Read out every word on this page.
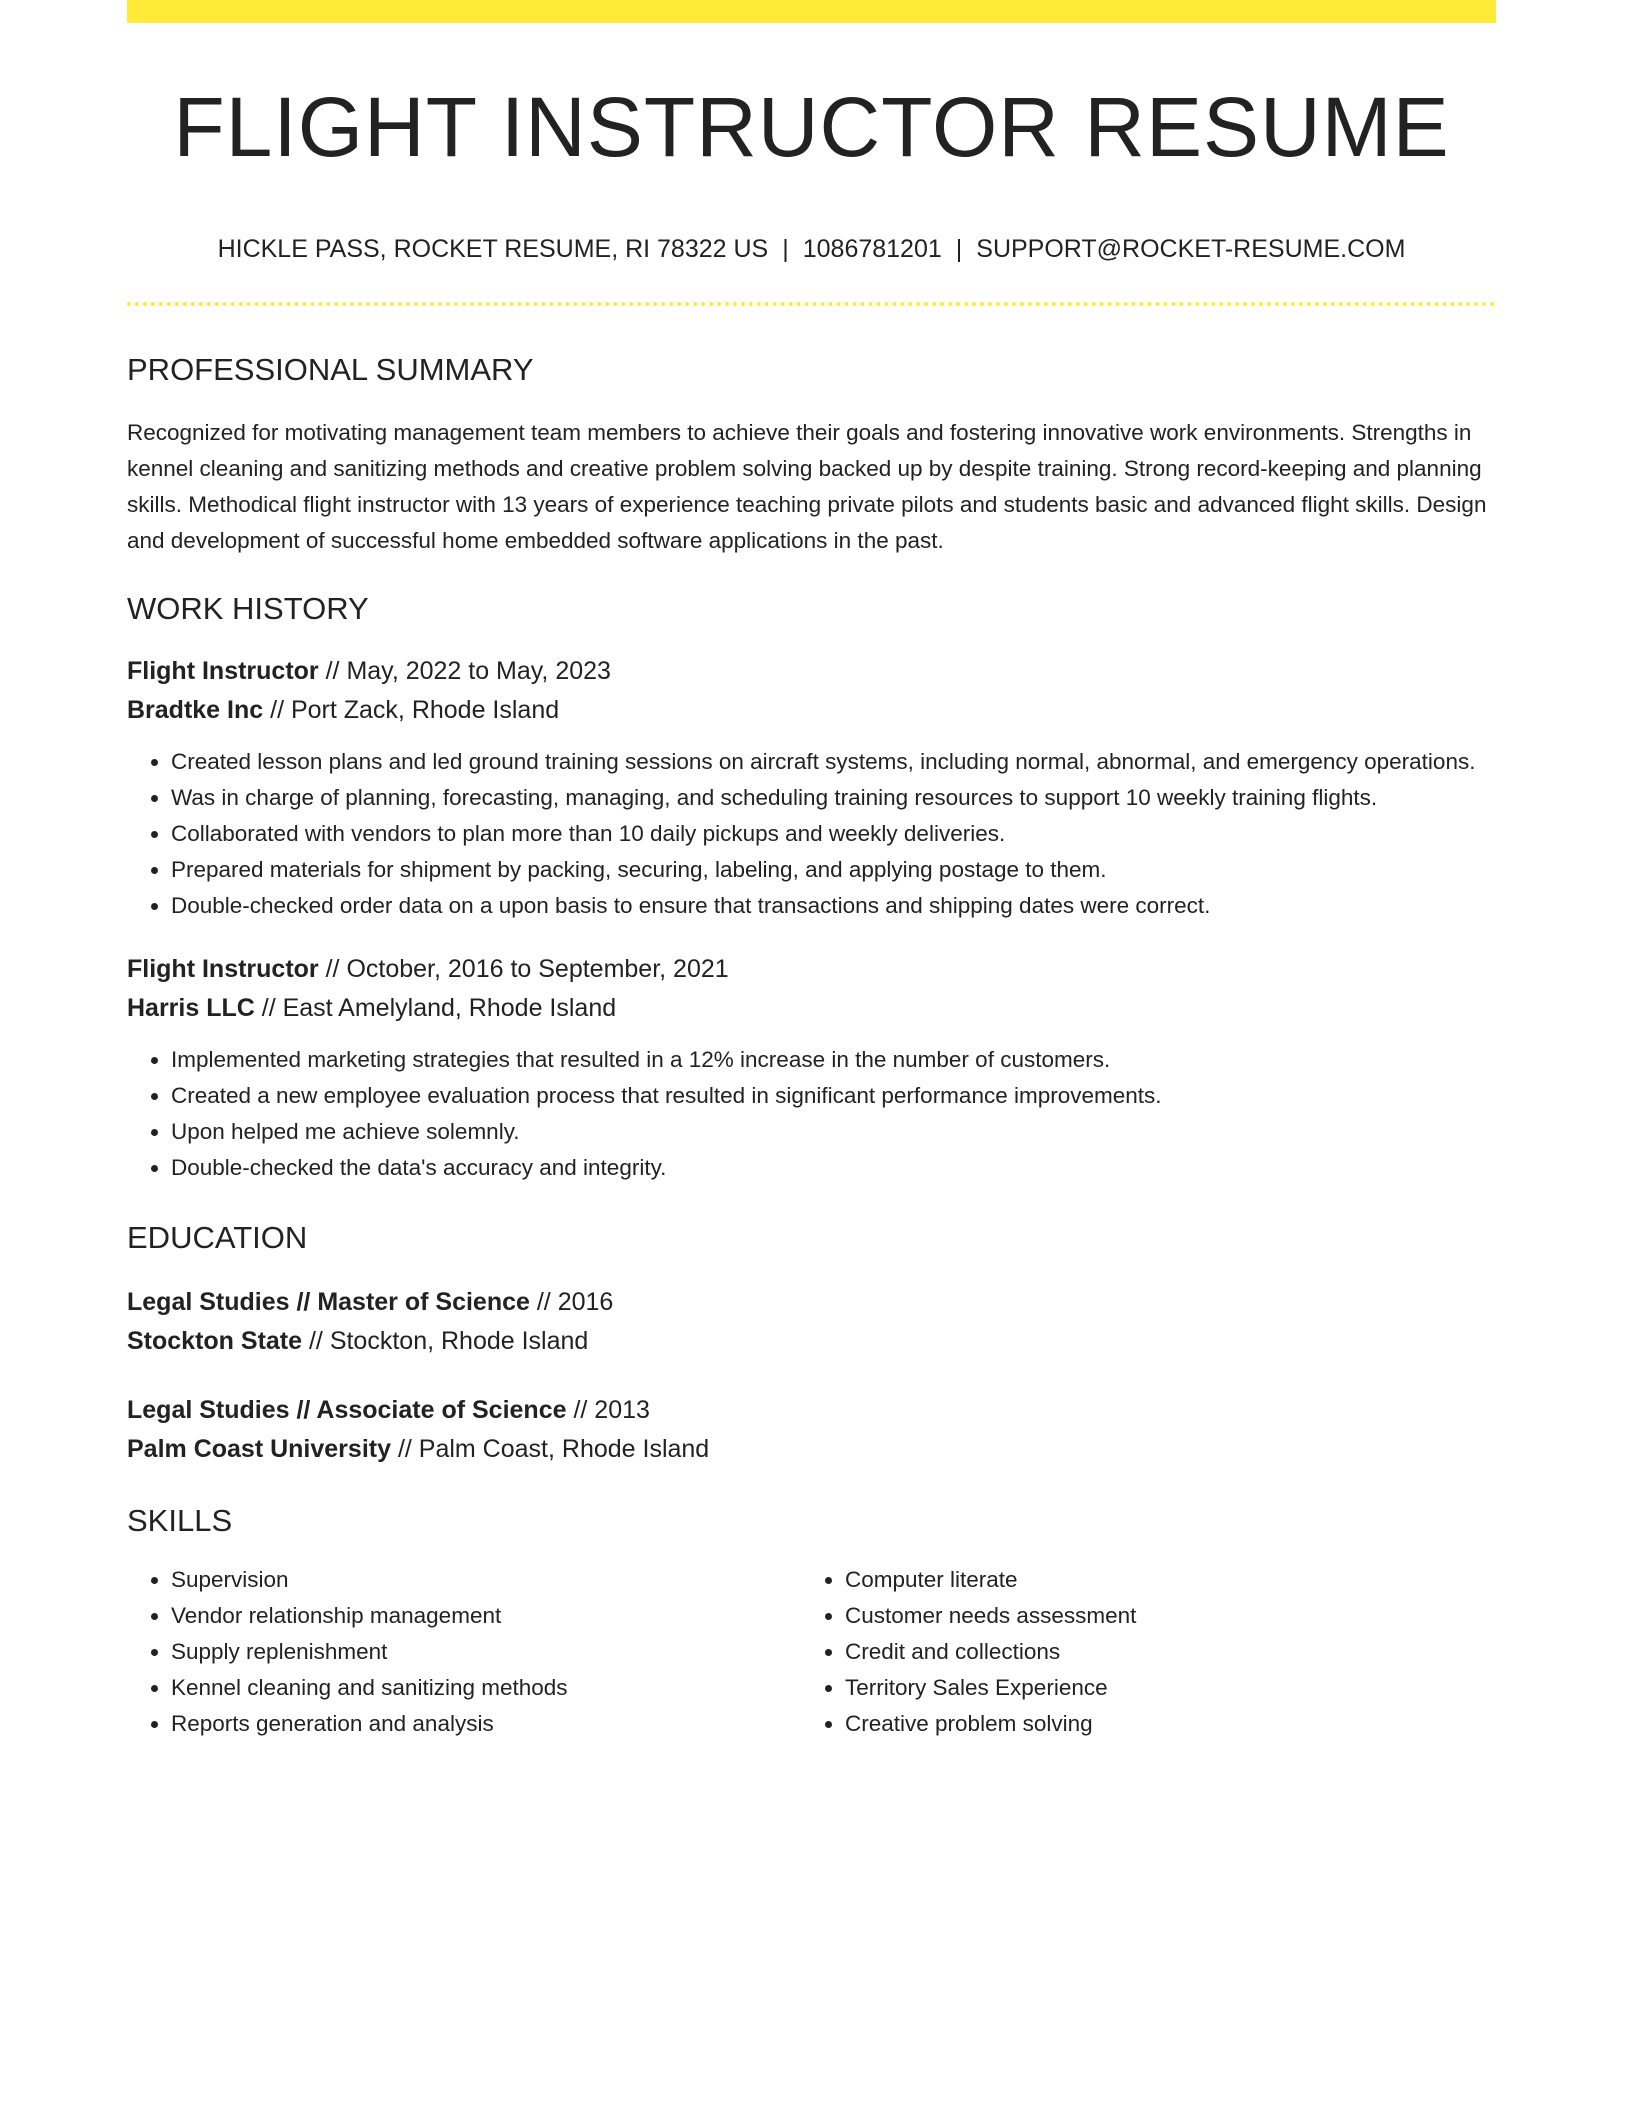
FLIGHT INSTRUCTOR RESUME
HICKLE PASS, ROCKET RESUME, RI 78322 US | 1086781201 | SUPPORT@ROCKET-RESUME.COM
PROFESSIONAL SUMMARY
Recognized for motivating management team members to achieve their goals and fostering innovative work environments. Strengths in kennel cleaning and sanitizing methods and creative problem solving backed up by despite training. Strong record-keeping and planning skills. Methodical flight instructor with 13 years of experience teaching private pilots and students basic and advanced flight skills. Design and development of successful home embedded software applications in the past.
WORK HISTORY
Flight Instructor // May, 2022 to May, 2023
Bradtke Inc // Port Zack, Rhode Island
• Created lesson plans and led ground training sessions on aircraft systems, including normal, abnormal, and emergency operations.
• Was in charge of planning, forecasting, managing, and scheduling training resources to support 10 weekly training flights.
• Collaborated with vendors to plan more than 10 daily pickups and weekly deliveries.
• Prepared materials for shipment by packing, securing, labeling, and applying postage to them.
• Double-checked order data on a upon basis to ensure that transactions and shipping dates were correct.
Flight Instructor // October, 2016 to September, 2021
Harris LLC // East Amelyland, Rhode Island
• Implemented marketing strategies that resulted in a 12% increase in the number of customers.
• Created a new employee evaluation process that resulted in significant performance improvements.
• Upon helped me achieve solemnly.
• Double-checked the data's accuracy and integrity.
EDUCATION
Legal Studies // Master of Science // 2016
Stockton State // Stockton, Rhode Island
Legal Studies // Associate of Science // 2013
Palm Coast University // Palm Coast, Rhode Island
SKILLS
• Supervision
• Vendor relationship management
• Supply replenishment
• Kennel cleaning and sanitizing methods
• Reports generation and analysis
• Computer literate
• Customer needs assessment
• Credit and collections
• Territory Sales Experience
• Creative problem solving
